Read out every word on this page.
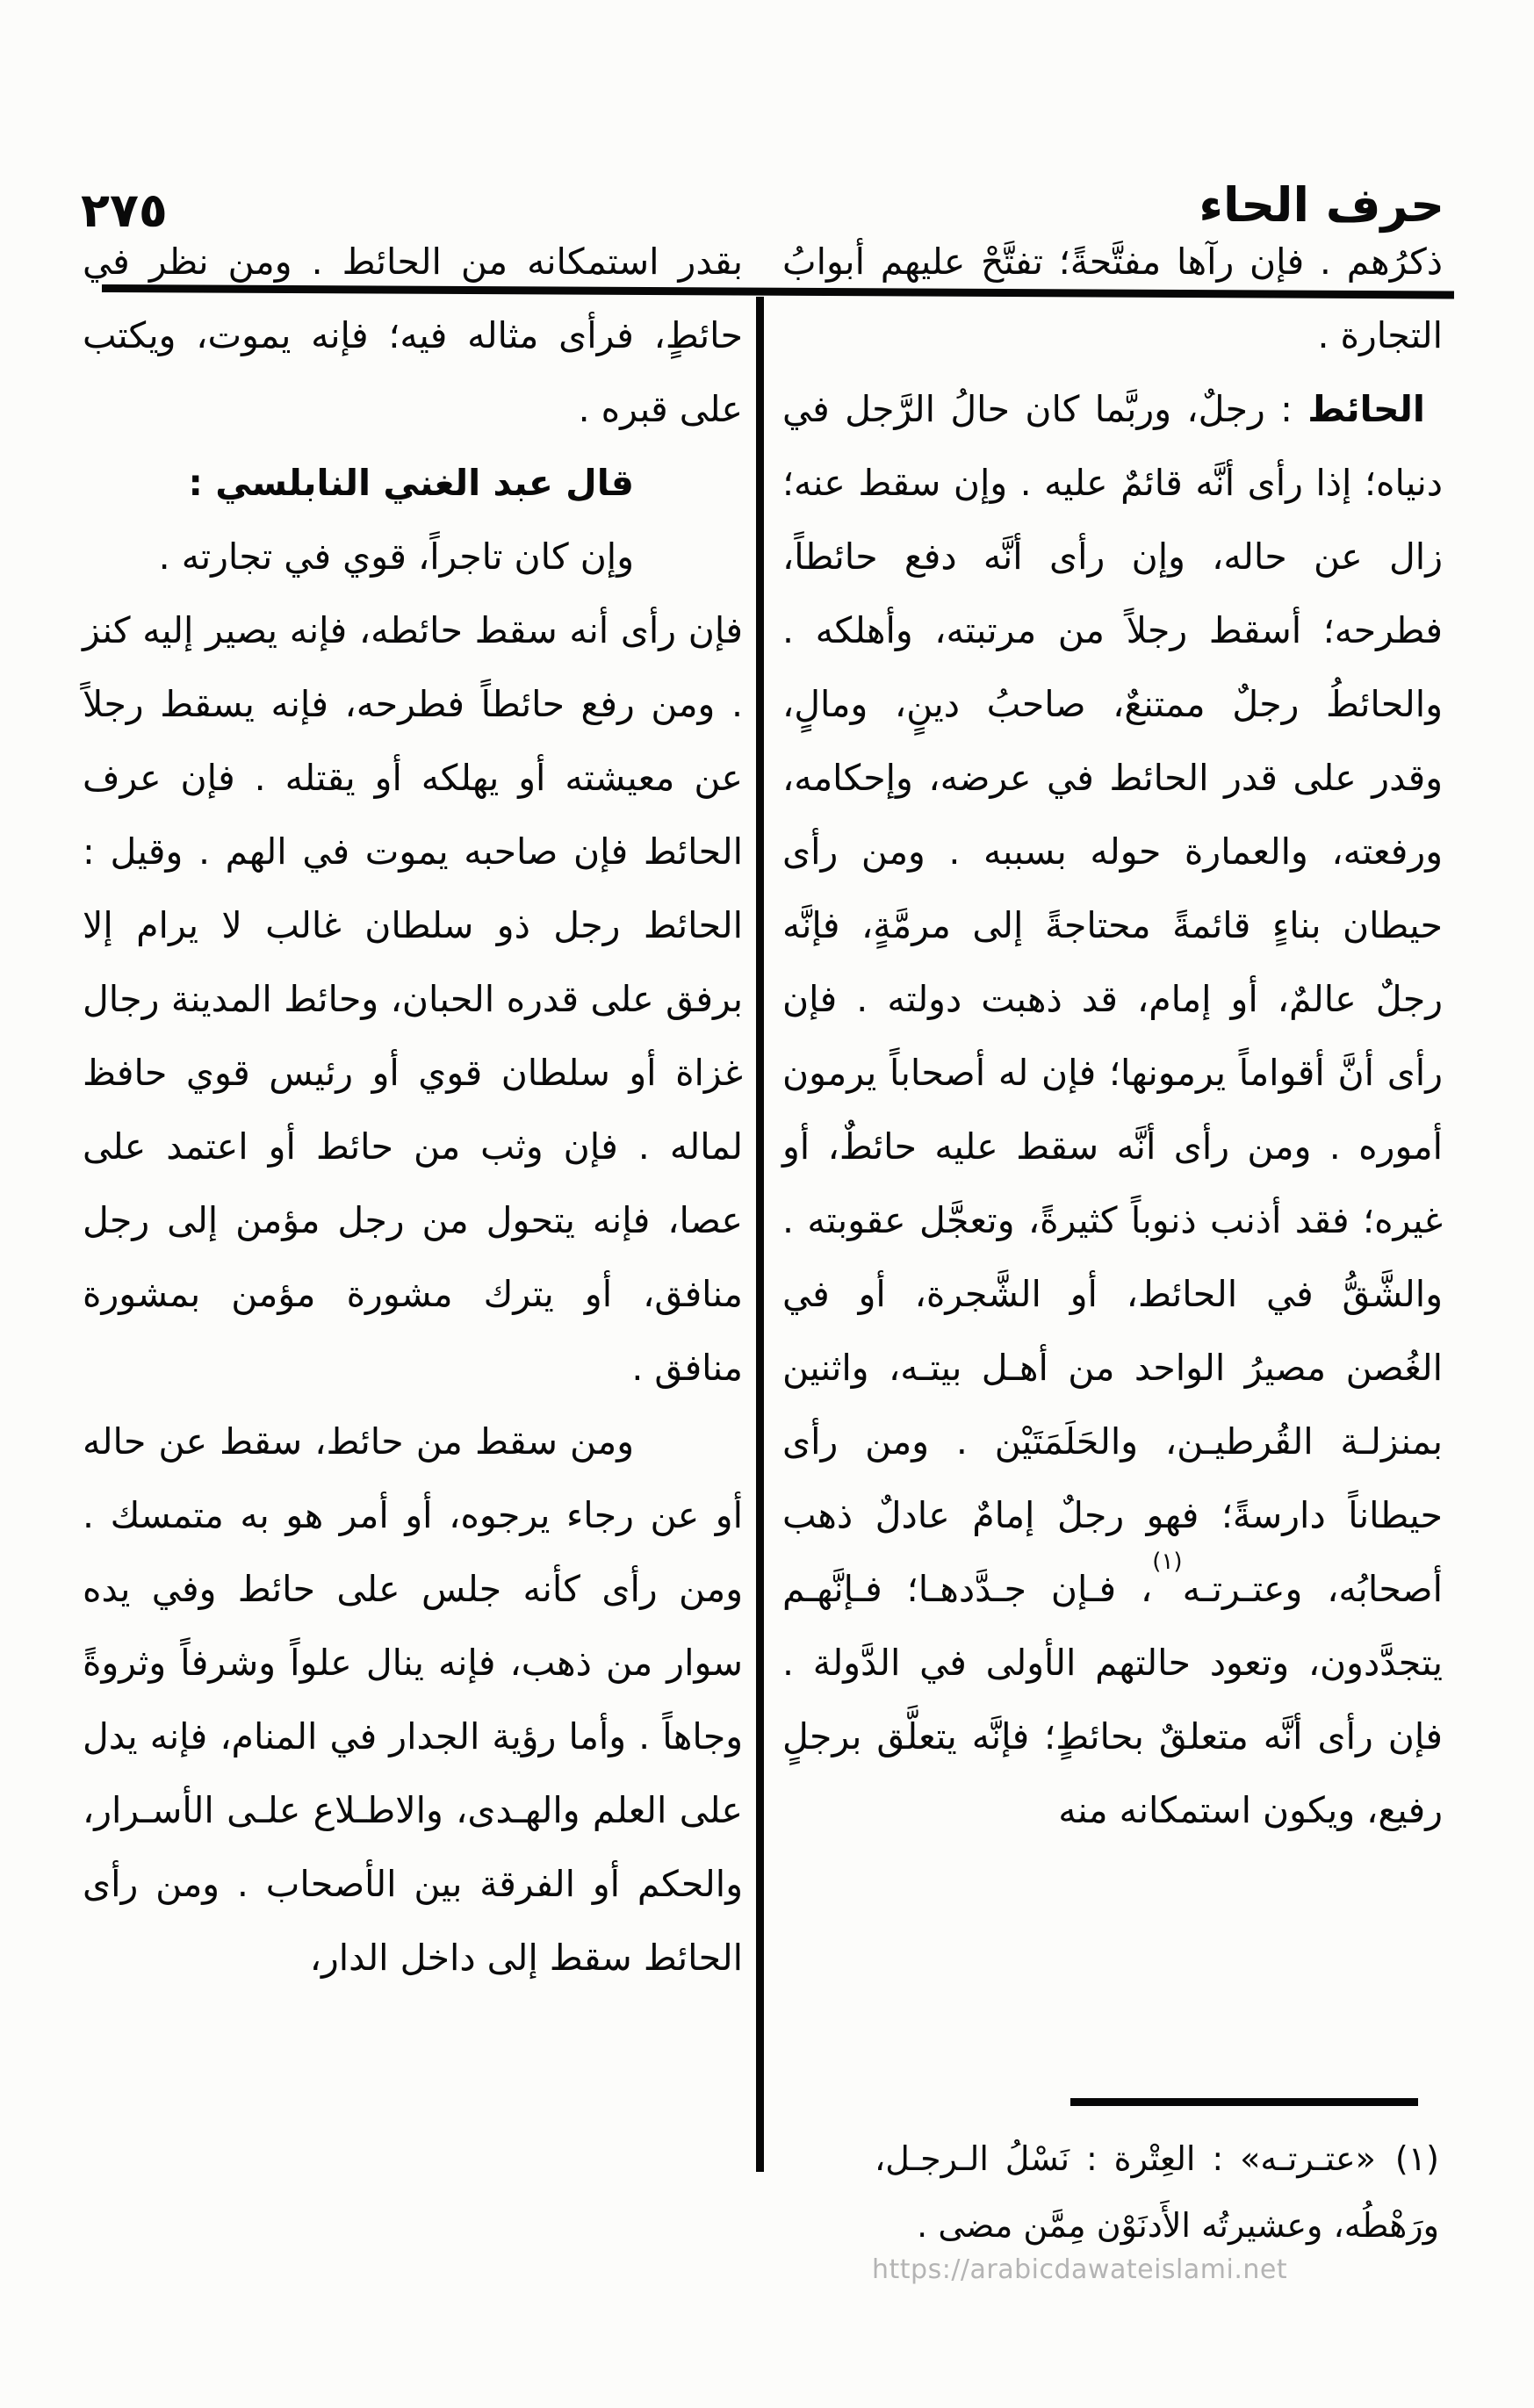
٢٧٥	حرف الحاء

ذكرُهم . فإن رآها مفتَّحةً؛ تفتَّحْ عليهم أبوابُ التجارة .

الحائط : رجلٌ، وربَّما كان حالُ الرَّجل في دنياه؛ إذا رأى أنَّه قائمٌ عليه . وإن سقط عنه؛ زال عن حاله، وإن رأى أنَّه دفع حائطاً، فطرحه؛ أسقط رجلاً من مرتبته، وأهلكه . والحائطُ رجلٌ ممتنعٌ، صاحبُ دينٍ، ومالٍ، وقدر على قدر الحائط في عرضه، وإحكامه، ورفعته، والعمارة حوله بسببه . ومن رأى حيطان بناءٍ قائمةً محتاجةً إلى مرمَّةٍ، فإنَّه رجلٌ عالمٌ، أو إمام، قد ذهبت دولته . فإن رأى أنَّ أقواماً يرمونها؛ فإن له أصحاباً يرمون أموره . ومن رأى أنَّه سقط عليه حائطٌ، أو غيره؛ فقد أذنب ذنوباً كثيرةً، وتعجَّل عقوبته . والشَّقُّ في الحائط، أو الشَّجرة، أو في الغُصن مصيرُ الواحد من أهـل بيتـه، واثنين بمنزلـة القُرطيـن، والحَلَمَتَيْن . ومن رأى حيطاناً دارسةً؛ فهو رجلٌ إمامٌ عادلٌ ذهب أصحابُه، وعتـرتـه$^{(١)}$، فـإن جـدَّدهـا؛ فـإنَّهـم يتجدَّدون، وتعود حالتهم الأولى في الدَّولة . فإن رأى أنَّه متعلقٌ بحائطٍ؛ فإنَّه يتعلَّق برجلٍ رفيع، ويكون استمكانه منه

بقدر استمكانه من الحائط . ومن نظر في حائطٍ، فرأى مثاله فيه؛ فإنه يموت، ويكتب على قبره .

قال عبد الغني النابلسي :

وإن كان تاجراً، قوي في تجارته .

فإن رأى أنه سقط حائطه، فإنه يصير إليه كنز . ومن رفع حائطاً فطرحه، فإنه يسقط رجلاً عن معيشته أو يهلكه أو يقتله . فإن عرف الحائط فإن صاحبه يموت في الهم . وقيل : الحائط رجل ذو سلطان غالب لا يرام إلا برفق على قدره الحبان، وحائط المدينة رجال غزاة أو سلطان قوي أو رئيس قوي حافظ لماله . فإن وثب من حائط أو اعتمد على عصا، فإنه يتحول من رجل مؤمن إلى رجل منافق، أو يترك مشورة مؤمن بمشورة منافق .

ومن سقط من حائط، سقط عن حاله أو عن رجاء يرجوه، أو أمر هو به متمسك . ومن رأى كأنه جلس على حائط وفي يده سوار من ذهب، فإنه ينال علواً وشرفاً وثروةً وجاهاً . وأما رؤية الجدار في المنام، فإنه يدل على العلم والهـدى، والاطـلاع علـى الأسـرار، والحكم أو الفرقة بين الأصحاب . ومن رأى الحائط سقط إلى داخل الدار،

(١)«عتـرتـه» : العِتْرة : نَسْلُ الـرجـل، ورَهْطُه، وعشيرتُه الأَدنَوْن مِمَّن مضى .

https://arabicdawateislami.net
